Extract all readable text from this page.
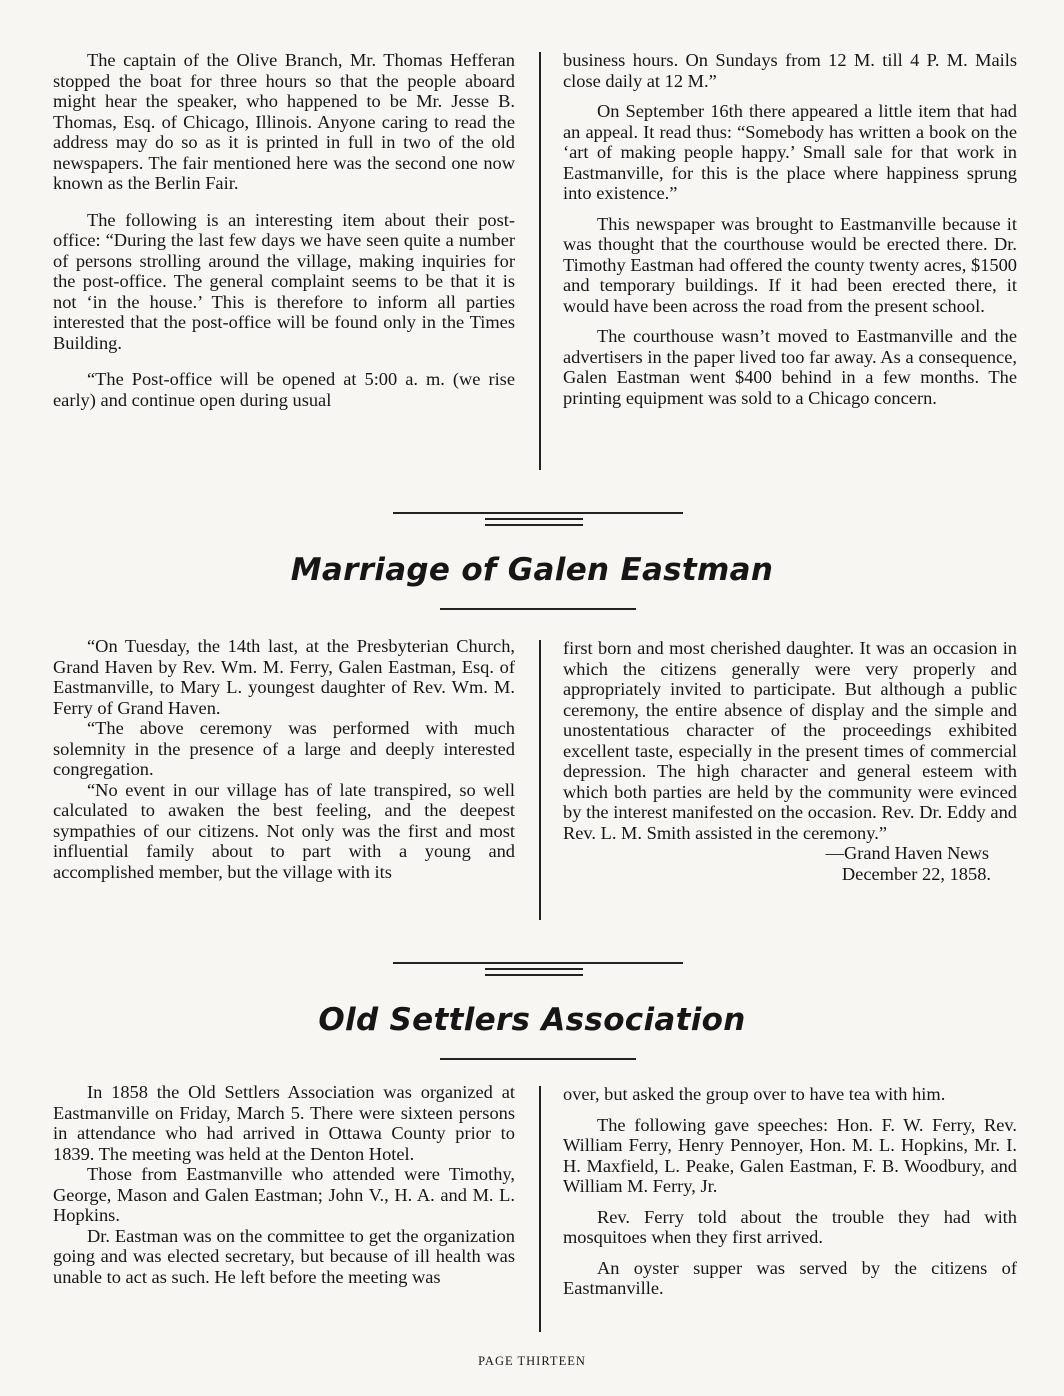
The captain of the Olive Branch, Mr. Thomas Hefferan stopped the boat for three hours so that the people aboard might hear the speaker, who happened to be Mr. Jesse B. Thomas, Esq. of Chicago, Illinois. Anyone caring to read the address may do so as it is printed in full in two of the old newspapers. The fair mentioned here was the second one now known as the Berlin Fair.

The following is an interesting item about their post-office: “During the last few days we have seen quite a number of persons strolling around the village, making inquiries for the post-office. The general complaint seems to be that it is not ‘in the house.’ This is therefore to inform all parties interested that the post-office will be found only in the Times Building.

“The Post-office will be opened at 5:00 a. m. (we rise early) and continue open during usual

business hours. On Sundays from 12 M. till 4 P. M. Mails close daily at 12 M.”

On September 16th there appeared a little item that had an appeal. It read thus: “Somebody has written a book on the ‘art of making people happy.’ Small sale for that work in Eastmanville, for this is the place where happiness sprung into existence.”

This newspaper was brought to Eastmanville because it was thought that the courthouse would be erected there. Dr. Timothy Eastman had offered the county twenty acres, $1500 and temporary buildings. If it had been erected there, it would have been across the road from the present school.

The courthouse wasn’t moved to Eastmanville and the advertisers in the paper lived too far away. As a consequence, Galen Eastman went $400 behind in a few months. The printing equipment was sold to a Chicago concern.

Marriage of Galen Eastman

“On Tuesday, the 14th last, at the Presbyterian Church, Grand Haven by Rev. Wm. M. Ferry, Galen Eastman, Esq. of Eastmanville, to Mary L. youngest daughter of Rev. Wm. M. Ferry of Grand Haven.

“The above ceremony was performed with much solemnity in the presence of a large and deeply interested congregation.

“No event in our village has of late transpired, so well calculated to awaken the best feeling, and the deepest sympathies of our citizens. Not only was the first and most influential family about to part with a young and accomplished member, but the village with its

first born and most cherished daughter. It was an occasion in which the citizens generally were very properly and appropriately invited to participate. But although a public ceremony, the entire absence of display and the simple and unostentatious character of the proceedings exhibited excellent taste, especially in the present times of commercial depression. The high character and general esteem with which both parties are held by the community were evinced by the interest manifested on the occasion. Rev. Dr. Eddy and Rev. L. M. Smith assisted in the ceremony.”

—Grand Haven News
December 22, 1858.
Old Settlers Association

In 1858 the Old Settlers Association was organized at Eastmanville on Friday, March 5. There were sixteen persons in attendance who had arrived in Ottawa County prior to 1839. The meeting was held at the Denton Hotel.

Those from Eastmanville who attended were Timothy, George, Mason and Galen Eastman; John V., H. A. and M. L. Hopkins.

Dr. Eastman was on the committee to get the organization going and was elected secretary, but because of ill health was unable to act as such. He left before the meeting was

over, but asked the group over to have tea with him.

The following gave speeches: Hon. F. W. Ferry, Rev. William Ferry, Henry Pennoyer, Hon. M. L. Hopkins, Mr. I. H. Maxfield, L. Peake, Galen Eastman, F. B. Woodbury, and William M. Ferry, Jr.

Rev. Ferry told about the trouble they had with mosquitoes when they first arrived.

An oyster supper was served by the citizens of Eastmanville.

PAGE THIRTEEN
